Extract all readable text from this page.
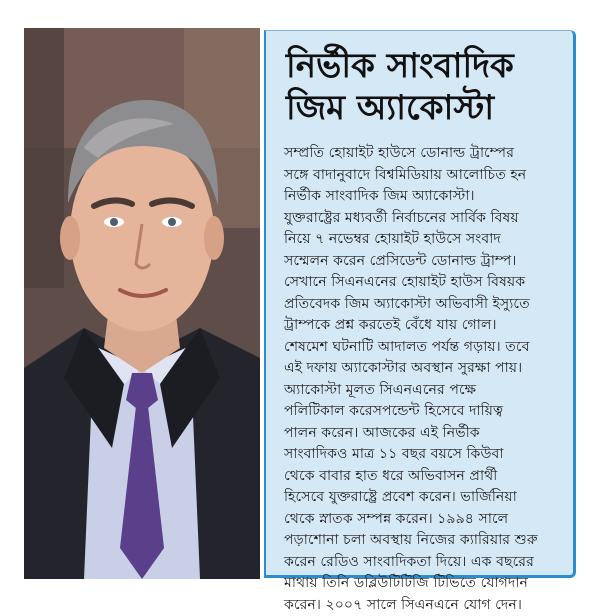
নির্ভীক সাংবাদিক
জিম অ্যাকোস্টা
সম্প্রতি হোয়াইট হাউসে ডোনাল্ড ট্রাম্পের
সঙ্গে বাদানুবাদে বিশ্বমিডিয়ায় আলোচিত হন
নির্ভীক সাংবাদিক জিম অ্যাকোস্টা।
যুক্তরাষ্ট্রের মধ্যবর্তী নির্বাচনের সার্বিক বিষয়
নিয়ে ৭ নভেম্বর হোয়াইট হাউসে সংবাদ
সম্মেলন করেন প্রেসিডেন্ট ডোনাল্ড ট্রাম্প।
সেখানে সিএনএনের হোয়াইট হাউস বিষয়ক
প্রতিবেদক জিম অ্যাকোস্টা অভিবাসী ইস্যুতে
ট্রাম্পকে প্রশ্ন করতেই বেঁধে যায় গোল।
শেষমেশ ঘটনাটি আদালত পর্যন্ত গড়ায়। তবে
এই দফায় অ্যাকোস্টার অবস্থান সুরক্ষা পায়।
অ্যাকোস্টা মূলত সিএনএনের পক্ষে
পলিটিকাল করেসপন্ডেন্ট হিসেবে দায়িত্ব
পালন করেন। আজকের এই নির্ভীক
সাংবাদিকও মাত্র ১১ বছর বয়সে কিউবা
থেকে বাবার হাত ধরে অভিবাসন প্রার্থী
হিসেবে যুক্তরাষ্ট্রে প্রবেশ করেন। ভার্জিনিয়া
থেকে স্নাতক সম্পন্ন করেন। ১৯৯৪ সালে
পড়াশোনা চলা অবস্থায় নিজের ক্যারিয়ার শুরু
করেন রেডিও সাংবাদিকতা দিয়ে। এক বছরের
মাথায় তিনি ডব্লিউটিটিজি টিভিতে যোগদান
করেন। ২০০৭ সালে সিএনএনে যোগ দেন।
